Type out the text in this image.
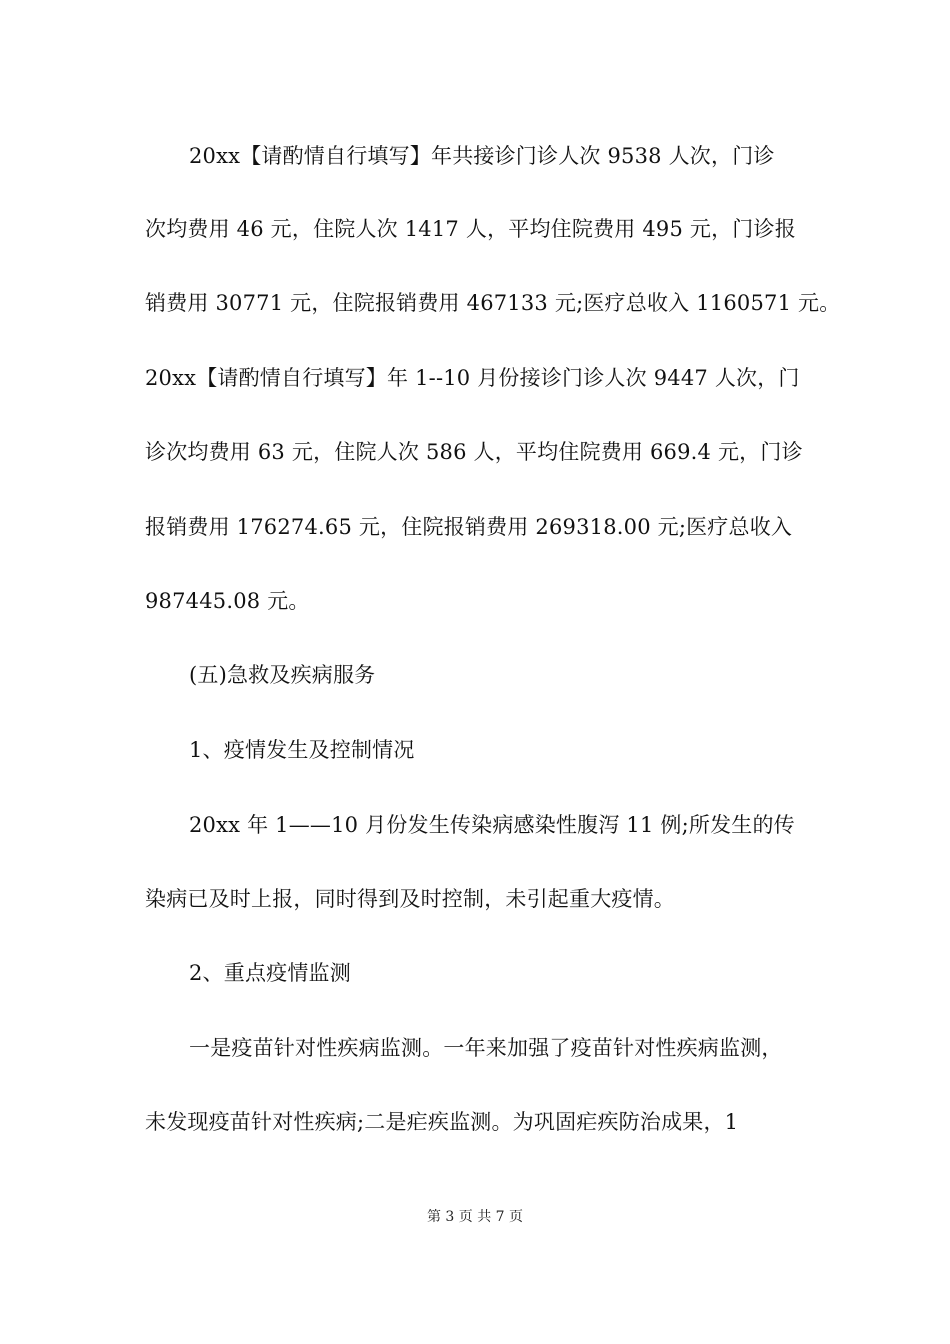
20xx【请酌情自行填写】年共接诊门诊人次 9538 人次，门诊
次均费用 46 元，住院人次 1417 人，平均住院费用 495 元，门诊报
销费用 30771 元，住院报销费用 467133 元;医疗总收入 1160571 元。
20xx【请酌情自行填写】年 1--10 月份接诊门诊人次 9447 人次，门
诊次均费用 63 元，住院人次 586 人，平均住院费用 669.4 元，门诊
报销费用 176274.65 元，住院报销费用 269318.00 元;医疗总收入
987445.08 元。
(五)急救及疾病服务
1、疫情发生及控制情况
20xx 年 1——10 月份发生传染病感染性腹泻 11 例;所发生的传
染病已及时上报，同时得到及时控制，未引起重大疫情。
2、重点疫情监测
一是疫苗针对性疾病监测。一年来加强了疫苗针对性疾病监测，
未发现疫苗针对性疾病;二是疟疾监测。为巩固疟疾防治成果，1
第 3 页 共 7 页
